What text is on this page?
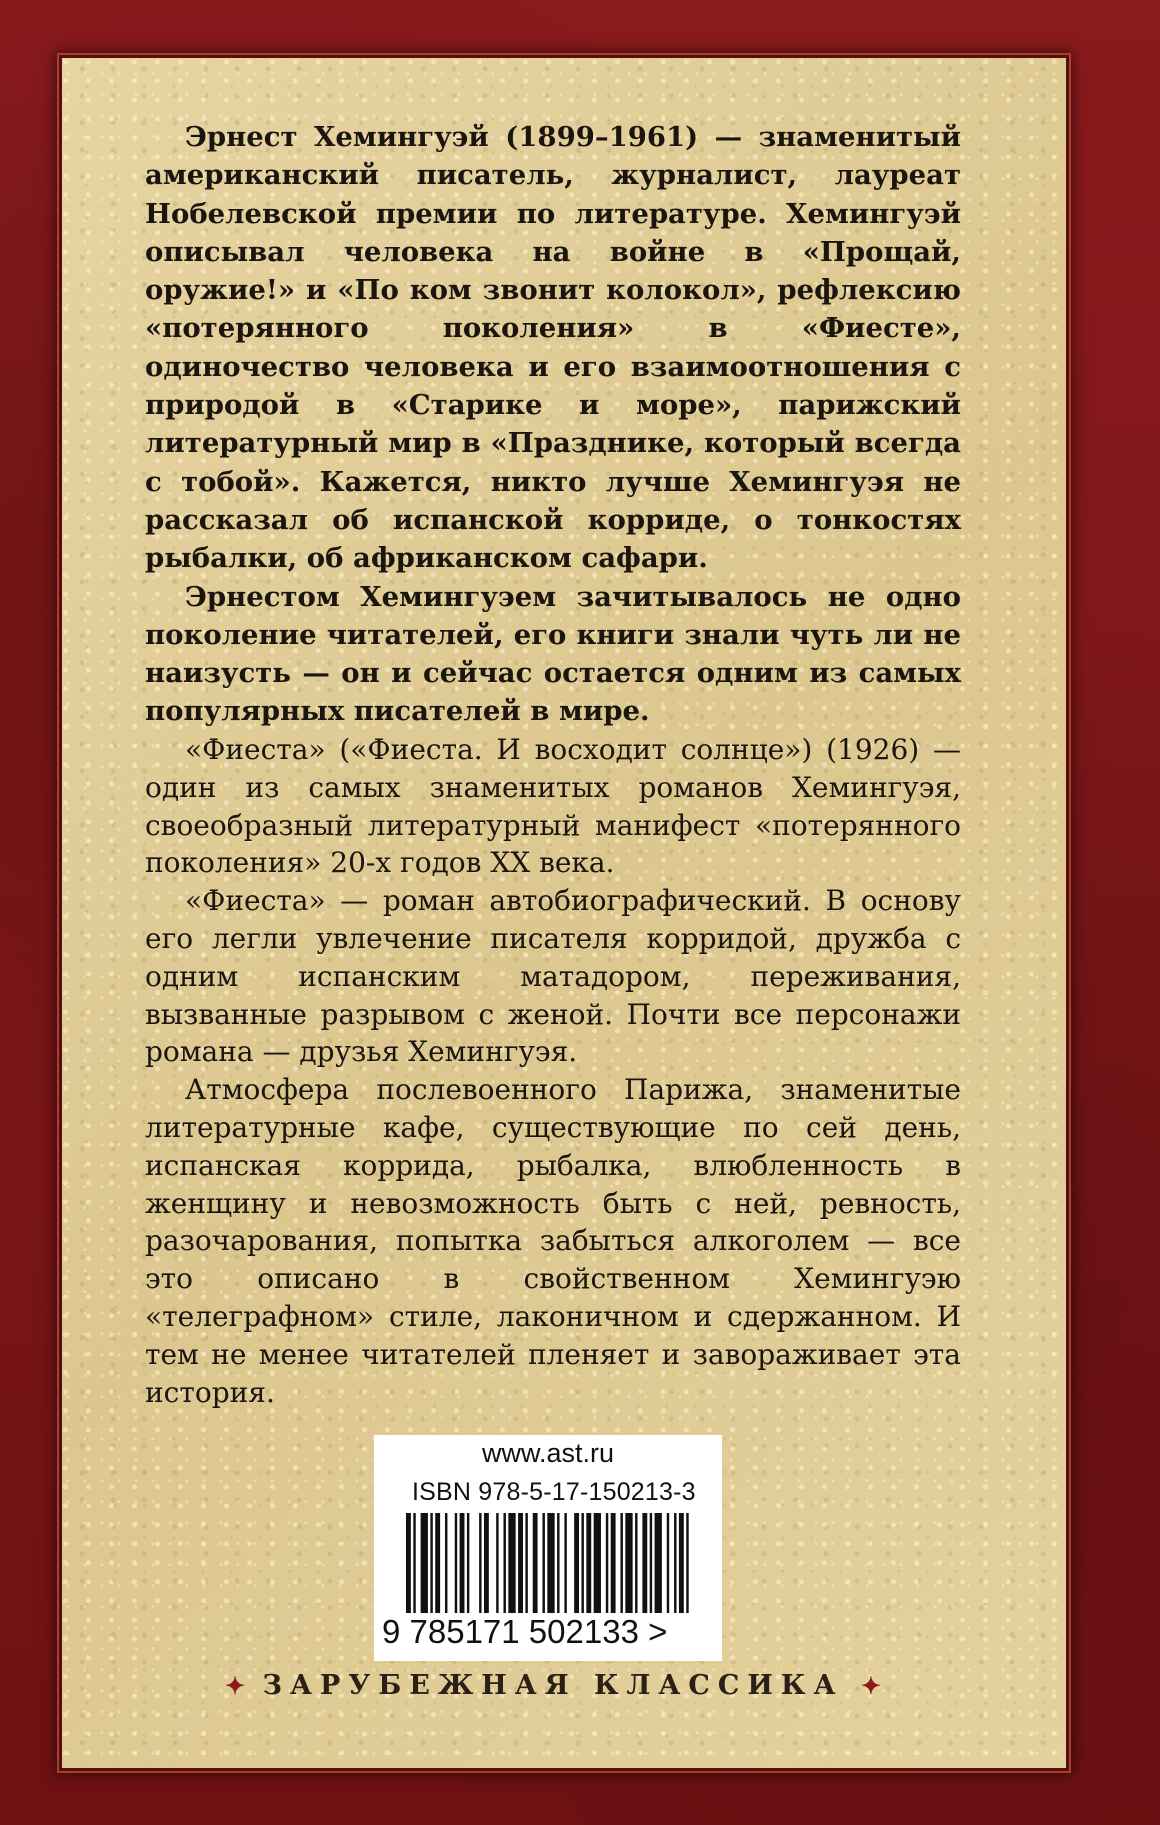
Эрнест Хемингуэй (1899–1961) — знаменитый американский писатель, журналист, лауреат Нобелевской премии по литературе. Хемингуэй описывал человека на войне в «Прощай, оружие!» и «По ком звонит колокол», рефлексию «потерянного поколения» в «Фиесте», одиночество человека и его взаимоотношения с природой в «Старике и море», парижский литературный мир в «Празднике, который всегда с тобой». Кажется, никто лучше Хемингуэя не рассказал об испанской корриде, о тонкостях рыбалки, об африканском сафари.

Эрнестом Хемингуэем зачитывалось не одно поколение читателей, его книги знали чуть ли не наизусть — он и сейчас остается одним из самых популярных писателей в мире.

«Фиеста» («Фиеста. И восходит солнце») (1926) — один из самых знаменитых романов Хемингуэя, своеобразный литературный манифест «потерянного поколения» 20-х годов XX века.

«Фиеста» — роман автобиографический. В основу его легли увлечение писателя корридой, дружба с одним испанским матадором, переживания, вызванные разрывом с женой. Почти все персонажи романа — друзья Хемингуэя.

Атмосфера послевоенного Парижа, знаменитые литературные кафе, существующие по сей день, испанская коррида, рыбалка, влюбленность в женщину и невозможность быть с ней, ревность, разочарования, попытка забыться алкоголем — все это описано в свойственном Хемингуэю «телеграфном» стиле, лаконичном и сдержанном. И тем не менее читателей пленяет и завораживает эта история.

www.ast.ru
ISBN 978-5-17-150213-3
9 785171 502133 >
✦ ЗАРУБЕЖНАЯ КЛАССИКА ✦
